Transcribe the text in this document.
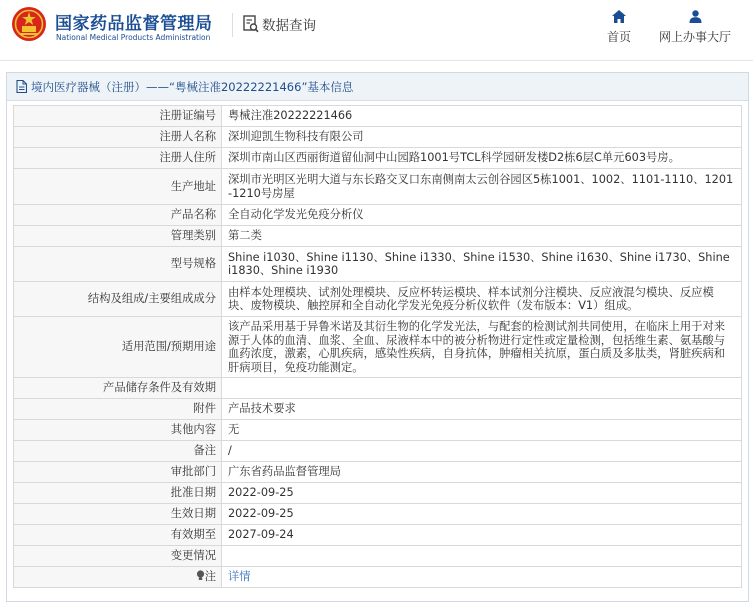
国家药品监督管理局
National Medical Products Administration
数据查询
首页	网上办事大厅
境内医疗器械（注册）——“粤械注准20222221466”基本信息
注册证编号	粤械注准20222221466
注册人名称	深圳迎凯生物科技有限公司
注册人住所	深圳市南山区西丽街道留仙洞中山园路1001号TCL科学园研发楼D2栋6层C单元603号房。
生产地址	深圳市光明区光明大道与东长路交叉口东南侧南太云创谷园区5栋1001、1002、1101-1110、1201-1210号房屋
产品名称	全自动化学发光免疫分析仪
管理类别	第二类
型号规格	Shine i1030、Shine i1130、Shine i1330、Shine i1530、Shine i1630、Shine i1730、Shine i1830、Shine i1930
结构及组成/主要组成成分	由样本处理模块、试剂处理模块、反应杯转运模块、样本试剂分注模块、反应液混匀模块、反应模块、废物模块、触控屏和全自动化学发光免疫分析仪软件（发布版本：V1）组成。
适用范围/预期用途	该产品采用基于异鲁米诺及其衍生物的化学发光法，与配套的检测试剂共同使用，在临床上用于对来源于人体的血清、血浆、全血、尿液样本中的被分析物进行定性或定量检测，包括维生素、氨基酸与血药浓度，激素，心肌疾病，感染性疾病，自身抗体，肿瘤相关抗原，蛋白质及多肽类，肾脏疾病和肝病项目，免疫功能测定。
产品储存条件及有效期	
附件	产品技术要求
其他内容	无
备注	/
审批部门	广东省药品监督管理局
批准日期	2022-09-25
生效日期	2022-09-25
有效期至	2027-09-24
变更情况	
注	详情
